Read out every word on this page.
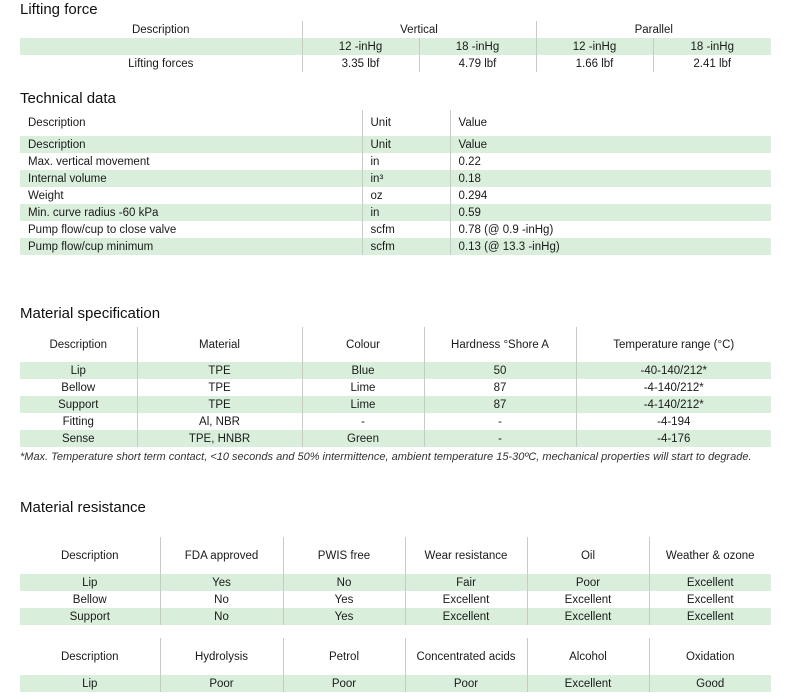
Lifting force
Description	Vertical		Parallel	
	12 -inHg	18 -inHg	12 -inHg	18 -inHg
Lifting forces	3.35 lbf	4.79 lbf	1.66 lbf	2.41 lbf
Technical data
Description	Unit	Value
Description	Unit	Value
Max. vertical movement	in	0.22
Internal volume	in³	0.18
Weight	oz	0.294
Min. curve radius -60 kPa	in	0.59
Pump flow/cup to close valve	scfm	0.78 (@ 0.9 -inHg)
Pump flow/cup minimum	scfm	0.13 (@ 13.3 -inHg)
Material specification
Description	Material	Colour	Hardness °Shore A	Temperature range (°C)
Lip	TPE	Blue	50	-40-140/212*
Bellow	TPE	Lime	87	-4-140/212*
Support	TPE	Lime	87	-4-140/212*
Fitting	Al, NBR	-	-	-4-194
Sense	TPE, HNBR	Green	-	-4-176

*Max. Temperature short term contact, <10 seconds and 50% intermittence, ambient temperature 15-30ºC, mechanical properties will start to degrade.

Material resistance
Description	FDA approved	PWIS free	Wear resistance	Oil	Weather & ozone
Lip	Yes	No	Fair	Poor	Excellent
Bellow	No	Yes	Excellent	Excellent	Excellent
Support	No	Yes	Excellent	Excellent	Excellent
Description	Hydrolysis	Petrol	Concentrated acids	Alcohol	Oxidation
Lip	Poor	Poor	Poor	Excellent	Good
